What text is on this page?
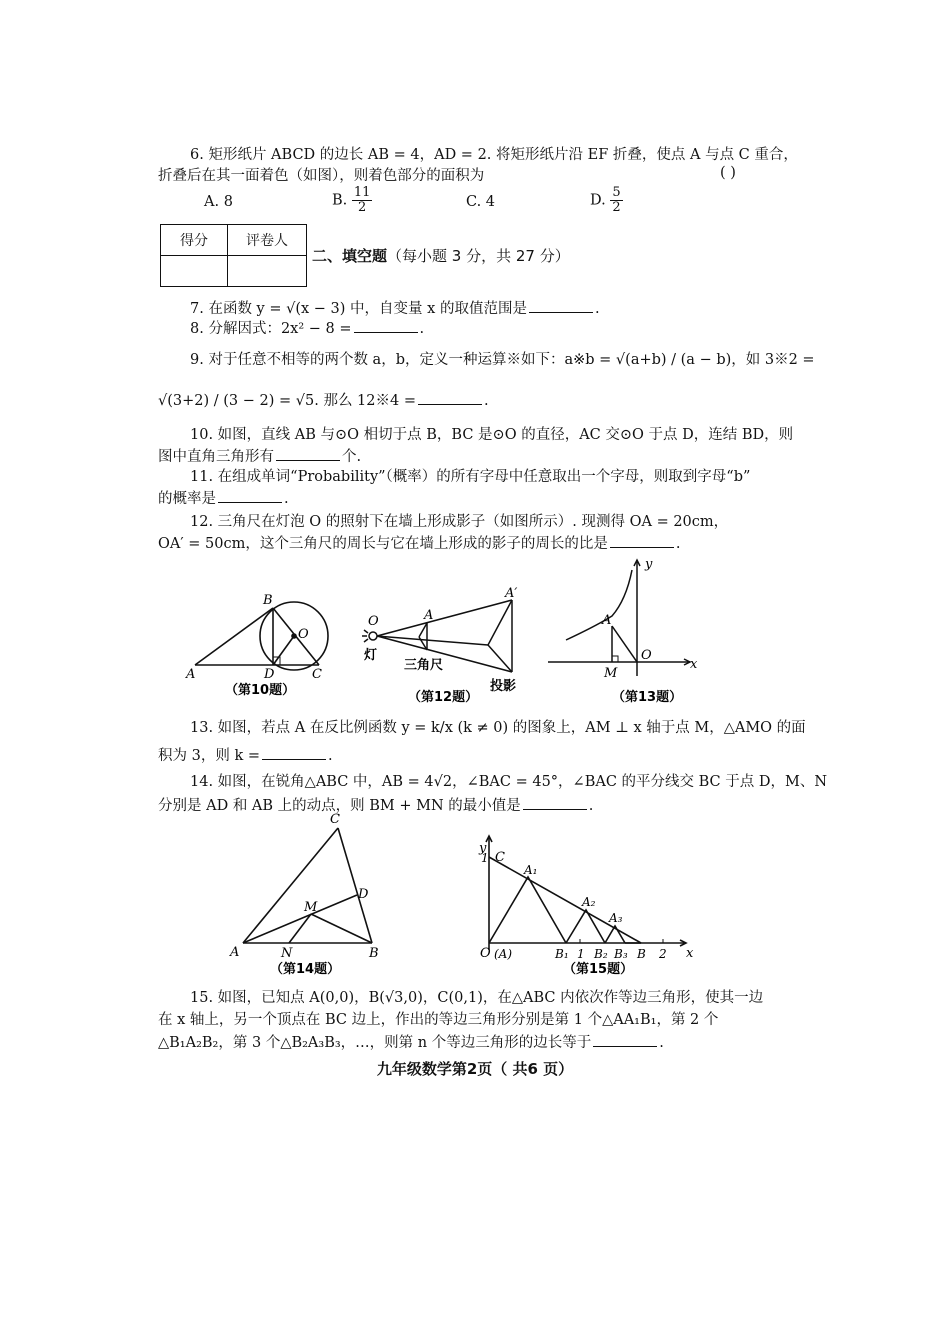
6. 矩形纸片 ABCD 的边长 AB = 4，AD = 2. 将矩形纸片沿 EF 折叠，使点 A 与点 C 重合，
折叠后在其一面着色（如图），则着色部分的面积为	( )
A. 8	B. $\frac{11}{2}$	C. 4	D. $\frac{5}{2}$
得分	评卷人

二、填空题（每小题 3 分，共 27 分）
7. 在函数 y = √(x − 3) 中，自变量 x 的取值范围是	.
8. 分解因式：2x² − 8 =	.
9. 对于任意不相等的两个数 a，b，定义一种运算※如下：a※b = √(a+b) / (a − b)，如 3※2 =
√(3+2) / (3 − 2) = √5. 那么 12※4 =	.
10. 如图，直线 AB 与⊙O 相切于点 B，BC 是⊙O 的直径，AC 交⊙O 于点 D，连结 BD，则
图中直角三角形有	个.
11. 在组成单词“Probability”（概率）的所有字母中任意取出一个字母，则取到字母“b”
的概率是	.
12. 三角尺在灯泡 O 的照射下在墙上形成影子（如图所示）. 现测得 OA = 20cm，
OA′ = 50cm，这个三角尺的周长与它在墙上形成的影子的周长的比是	.
A
B
C
D
O
（第10题）
O	A
A′
灯
三角尺
投影
（第12题）
A
M
O
x
y
（第13题）
13. 如图，若点 A 在反比例函数 y = k/x (k ≠ 0) 的图象上，AM ⊥ x 轴于点 M，△AMO 的面
积为 3，则 k =	.
14. 如图，在锐角△ABC 中，AB = 4√2，∠BAC = 45°，∠BAC 的平分线交 BC 于点 D，M、N
分别是 AD 和 AB 上的动点，则 BM + MN 的最小值是	.
A	B
C
D
M
N
（第14题）
y
1 C
O (A)
A₁
A₂
A₃
B₁ 1 B₂ B₃ B 2 x
（第15题）
15. 如图，已知点 A(0,0)，B(√3,0)，C(0,1)，在△ABC 内依次作等边三角形，使其一边
在 x 轴上，另一个顶点在 BC 边上，作出的等边三角形分别是第 1 个△AA₁B₁，第 2 个
△B₁A₂B₂，第 3 个△B₂A₃B₃，…，则第 n 个等边三角形的边长等于	.
九年级数学第2页（ 共6 页）
